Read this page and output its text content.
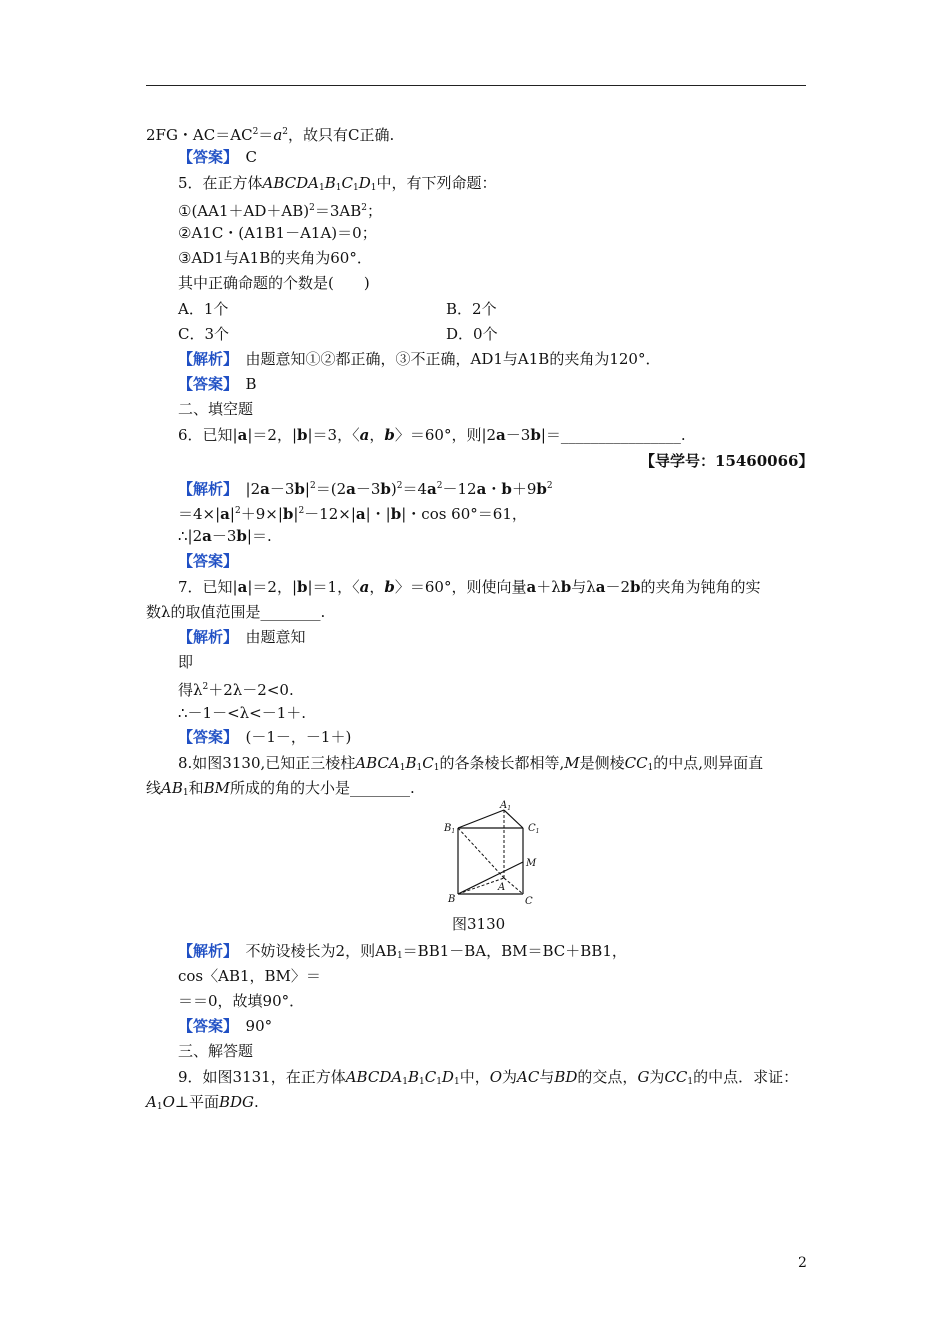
2FG・$AC=AC^2=a^2$，故只有C正确.
【答案】　 C
5．在正方体$ABCDA_1B_1C_1D_1$中，有下列命题：
$①(AA1+AD+AB)^2=3AB^2$；
②A1C・(A1B1－A1A)＝0；
③AD1与A1B的夹角为60°．
其中正确命题的个数是(　　)
A．1个	B．2个
C．3个	D．0个
【解析】　 由题意知①②都正确，③不正确，AD1与A1B的夹角为120°．
【答案】　 B
二、填空题
6．已知|a|＝2，|b|＝3，〈a，b〉＝60°，则|2a－3b|＝________________.
【导学号：15460066】
【解析】　 $|2a-3b|^2=(2a-3b)^2=4a^2-12a$・$b+9b^2$
$=4\times|a|^2+9\times|b|^2-12\times|a|$・|b|・cos 60°＝61，
∴|2a－3b|＝.
【答案】
7．已知|a|＝2，|b|＝1，〈a，b〉＝60°，则使向量a＋λb与λa－2b的夹角为钝角的实
数λ的取值范围是________.
【解析】　 由题意知
即
得$\lambda^2+2\lambda-2<0$.
∴－1－<λ<－1＋.
【答案】　 (－1－，－1＋)
8.如图3130,已知正三棱柱$ABCA_1B_1C_1$的各条棱长都相等,M是侧棱$CC_1$的中点,则异面直
线$AB_1$和BM所成的角的大小是________.
$A_1$
$B_1$	$C_1$
M
A
B	C
图3130
【解析】　 不妨设棱长为2，则$AB_1=BB1-BA$，BM＝BC＋BB1，
cos〈AB1，BM〉＝
＝＝0，故填90°．
【答案】　 90°
三、解答题
9．如图3131，在正方体$ABCDA_1B_1C_1D_1$中，O为AC与BD的交点，G为$CC_1$的中点．求证：
$A_1O\perp$平面BDG.
2
